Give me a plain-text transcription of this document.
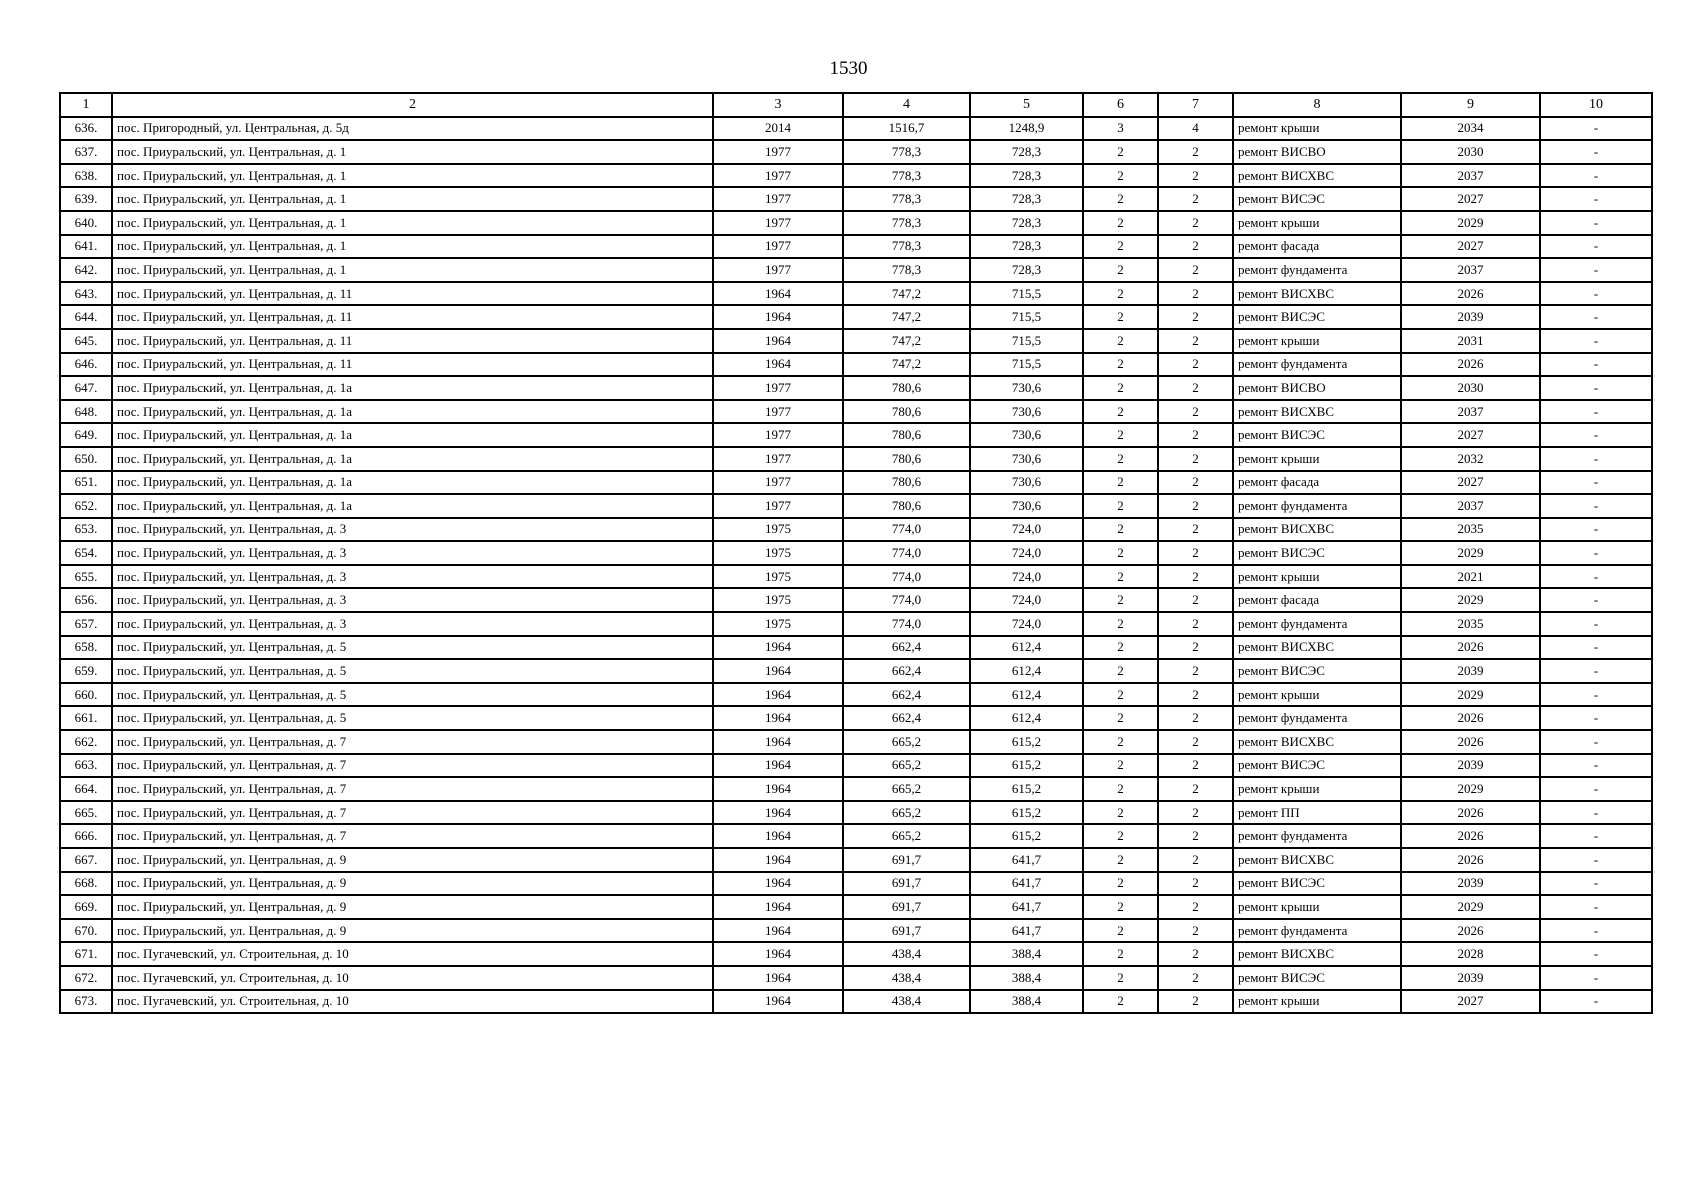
1530
1	2	3	4	5	6	7	8	9	10
636.	пос. Пригородный, ул. Центральная, д. 5д	2014	1516,7	1248,9	3	4	ремонт крыши	2034	-
637.	пос. Приуральский, ул. Центральная, д. 1	1977	778,3	728,3	2	2	ремонт ВИСВО	2030	-
638.	пос. Приуральский, ул. Центральная, д. 1	1977	778,3	728,3	2	2	ремонт ВИСХВС	2037	-
639.	пос. Приуральский, ул. Центральная, д. 1	1977	778,3	728,3	2	2	ремонт ВИСЭС	2027	-
640.	пос. Приуральский, ул. Центральная, д. 1	1977	778,3	728,3	2	2	ремонт крыши	2029	-
641.	пос. Приуральский, ул. Центральная, д. 1	1977	778,3	728,3	2	2	ремонт фасада	2027	-
642.	пос. Приуральский, ул. Центральная, д. 1	1977	778,3	728,3	2	2	ремонт фундамента	2037	-
643.	пос. Приуральский, ул. Центральная, д. 11	1964	747,2	715,5	2	2	ремонт ВИСХВС	2026	-
644.	пос. Приуральский, ул. Центральная, д. 11	1964	747,2	715,5	2	2	ремонт ВИСЭС	2039	-
645.	пос. Приуральский, ул. Центральная, д. 11	1964	747,2	715,5	2	2	ремонт крыши	2031	-
646.	пос. Приуральский, ул. Центральная, д. 11	1964	747,2	715,5	2	2	ремонт фундамента	2026	-
647.	пос. Приуральский, ул. Центральная, д. 1а	1977	780,6	730,6	2	2	ремонт ВИСВО	2030	-
648.	пос. Приуральский, ул. Центральная, д. 1а	1977	780,6	730,6	2	2	ремонт ВИСХВС	2037	-
649.	пос. Приуральский, ул. Центральная, д. 1а	1977	780,6	730,6	2	2	ремонт ВИСЭС	2027	-
650.	пос. Приуральский, ул. Центральная, д. 1а	1977	780,6	730,6	2	2	ремонт крыши	2032	-
651.	пос. Приуральский, ул. Центральная, д. 1а	1977	780,6	730,6	2	2	ремонт фасада	2027	-
652.	пос. Приуральский, ул. Центральная, д. 1а	1977	780,6	730,6	2	2	ремонт фундамента	2037	-
653.	пос. Приуральский, ул. Центральная, д. 3	1975	774,0	724,0	2	2	ремонт ВИСХВС	2035	-
654.	пос. Приуральский, ул. Центральная, д. 3	1975	774,0	724,0	2	2	ремонт ВИСЭС	2029	-
655.	пос. Приуральский, ул. Центральная, д. 3	1975	774,0	724,0	2	2	ремонт крыши	2021	-
656.	пос. Приуральский, ул. Центральная, д. 3	1975	774,0	724,0	2	2	ремонт фасада	2029	-
657.	пос. Приуральский, ул. Центральная, д. 3	1975	774,0	724,0	2	2	ремонт фундамента	2035	-
658.	пос. Приуральский, ул. Центральная, д. 5	1964	662,4	612,4	2	2	ремонт ВИСХВС	2026	-
659.	пос. Приуральский, ул. Центральная, д. 5	1964	662,4	612,4	2	2	ремонт ВИСЭС	2039	-
660.	пос. Приуральский, ул. Центральная, д. 5	1964	662,4	612,4	2	2	ремонт крыши	2029	-
661.	пос. Приуральский, ул. Центральная, д. 5	1964	662,4	612,4	2	2	ремонт фундамента	2026	-
662.	пос. Приуральский, ул. Центральная, д. 7	1964	665,2	615,2	2	2	ремонт ВИСХВС	2026	-
663.	пос. Приуральский, ул. Центральная, д. 7	1964	665,2	615,2	2	2	ремонт ВИСЭС	2039	-
664.	пос. Приуральский, ул. Центральная, д. 7	1964	665,2	615,2	2	2	ремонт крыши	2029	-
665.	пос. Приуральский, ул. Центральная, д. 7	1964	665,2	615,2	2	2	ремонт ПП	2026	-
666.	пос. Приуральский, ул. Центральная, д. 7	1964	665,2	615,2	2	2	ремонт фундамента	2026	-
667.	пос. Приуральский, ул. Центральная, д. 9	1964	691,7	641,7	2	2	ремонт ВИСХВС	2026	-
668.	пос. Приуральский, ул. Центральная, д. 9	1964	691,7	641,7	2	2	ремонт ВИСЭС	2039	-
669.	пос. Приуральский, ул. Центральная, д. 9	1964	691,7	641,7	2	2	ремонт крыши	2029	-
670.	пос. Приуральский, ул. Центральная, д. 9	1964	691,7	641,7	2	2	ремонт фундамента	2026	-
671.	пос. Пугачевский, ул. Строительная, д. 10	1964	438,4	388,4	2	2	ремонт ВИСХВС	2028	-
672.	пос. Пугачевский, ул. Строительная, д. 10	1964	438,4	388,4	2	2	ремонт ВИСЭС	2039	-
673.	пос. Пугачевский, ул. Строительная, д. 10	1964	438,4	388,4	2	2	ремонт крыши	2027	-
